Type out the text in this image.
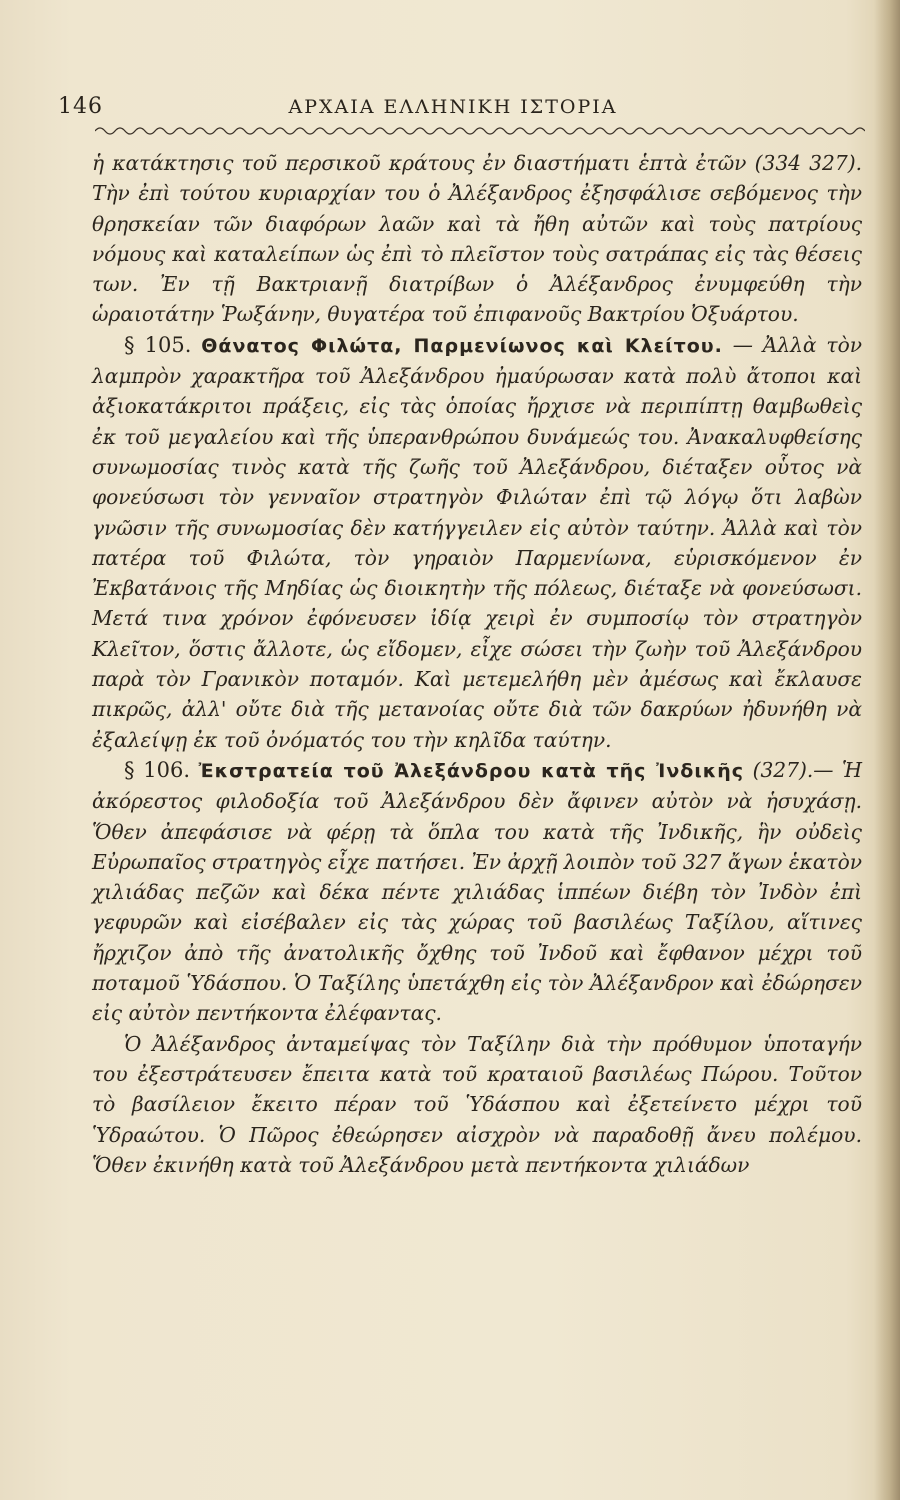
146	ΑΡΧΑΙΑ ΕΛΛΗΝΙΚΗ ΙΣΤΟΡΙΑ

ἡ κατάκτησις τοῦ περσικοῦ κράτους ἐν διαστήματι ἑπτὰ ἐτῶν (334 327). Τὴν ἐπὶ τούτου κυριαρχίαν του ὁ Ἀλέξανδρος ἐξησφάλισε σεβόμενος τὴν θρησκείαν τῶν διαφόρων λαῶν καὶ τὰ ἤθη αὐτῶν καὶ τοὺς πατρίους νόμους καὶ καταλείπων ὡς ἐπὶ τὸ πλεῖστον τοὺς σατράπας εἰς τὰς θέσεις των. Ἐν τῇ Βακτριανῇ διατρίβων ὁ Ἀλέξανδρος ἐνυμφεύθη τὴν ὡραιοτάτην Ῥωξάνην, θυγατέρα τοῦ ἐπιφανοῦς Βακτρίου Ὀξυάρτου.

§ 105. Θάνατος Φιλώτα, Παρμενίωνος καὶ Κλείτου. — Ἀλλὰ τὸν λαμπρὸν χαρακτῆρα τοῦ Ἀλεξάνδρου ἠμαύρωσαν κατὰ πολὺ ἄτοποι καὶ ἀξιοκατάκριτοι πράξεις, εἰς τὰς ὁποίας ἤρχισε νὰ περιπίπτῃ θαμβωθεὶς ἐκ τοῦ μεγαλείου καὶ τῆς ὑπερανθρώπου δυνάμεώς του. Ἀνακαλυφθείσης συνωμοσίας τινὸς κατὰ τῆς ζωῆς τοῦ Ἀλεξάνδρου, διέταξεν οὗτος νὰ φονεύσωσι τὸν γενναῖον στρατηγὸν Φιλώταν ἐπὶ τῷ λόγῳ ὅτι λαβὼν γνῶσιν τῆς συνωμοσίας δὲν κατήγγειλεν εἰς αὐτὸν ταύτην. Ἀλλὰ καὶ τὸν πατέρα τοῦ Φιλώτα, τὸν γηραιὸν Παρμενίωνα, εὑρισκόμενον ἐν Ἐκβατάνοις τῆς Μηδίας ὡς διοικητὴν τῆς πόλεως, διέταξε νὰ φονεύσωσι. Μετά τινα χρόνον ἐφόνευσεν ἰδίᾳ χειρὶ ἐν συμποσίῳ τὸν στρατηγὸν Κλεῖτον, ὅστις ἄλλοτε, ὡς εἴδομεν, εἶχε σώσει τὴν ζωὴν τοῦ Ἀλεξάνδρου παρὰ τὸν Γρανικὸν ποταμόν. Καὶ μετεμελήθη μὲν ἀμέσως καὶ ἔκλαυσε πικρῶς, ἀλλ' οὔτε διὰ τῆς μετανοίας οὔτε διὰ τῶν δακρύων ἠδυνήθη νὰ ἐξαλείψῃ ἐκ τοῦ ὀνόματός του τὴν κηλῖδα ταύτην.

§ 106. Ἐκστρατεία τοῦ Ἀλεξάνδρου κατὰ τῆς Ἰνδικῆς (327).— Ἡ ἀκόρεστος φιλοδοξία τοῦ Ἀλεξάνδρου δὲν ἄφινεν αὐτὸν νὰ ἡσυχάσῃ. Ὅθεν ἀπεφάσισε νὰ φέρῃ τὰ ὅπλα του κατὰ τῆς Ἰνδικῆς, ἣν οὐδεὶς Εὐρωπαῖος στρατηγὸς εἶχε πατήσει. Ἐν ἀρχῇ λοιπὸν τοῦ 327 ἄγων ἑκατὸν χιλιάδας πεζῶν καὶ δέκα πέντε χιλιάδας ἱππέων διέβη τὸν Ἰνδὸν ἐπὶ γεφυρῶν καὶ εἰσέβαλεν εἰς τὰς χώρας τοῦ βασιλέως Ταξίλου, αἵτινες ἤρχιζον ἀπὸ τῆς ἀνατολικῆς ὄχθης τοῦ Ἰνδοῦ καὶ ἔφθανον μέχρι τοῦ ποταμοῦ Ὑδάσπου. Ὁ Ταξίλης ὑπετάχθη εἰς τὸν Ἀλέξανδρον καὶ ἐδώρησεν εἰς αὐτὸν πεντήκοντα ἐλέφαντας.

Ὁ Ἀλέξανδρος ἀνταμείψας τὸν Ταξίλην διὰ τὴν πρόθυμον ὑποταγήν του ἐξεστράτευσεν ἔπειτα κατὰ τοῦ κραταιοῦ βασιλέως Πώρου. Τοῦτον τὸ βασίλειον ἔκειτο πέραν τοῦ Ὑδάσπου καὶ ἐξετείνετο μέχρι τοῦ Ὑδραώτου. Ὁ Πῶρος ἐθεώρησεν αἰσχρὸν νὰ παραδοθῇ ἄνευ πολέμου. Ὅθεν ἐκινήθη κατὰ τοῦ Ἀλεξάνδρου μετὰ πεντήκοντα χιλιάδων
